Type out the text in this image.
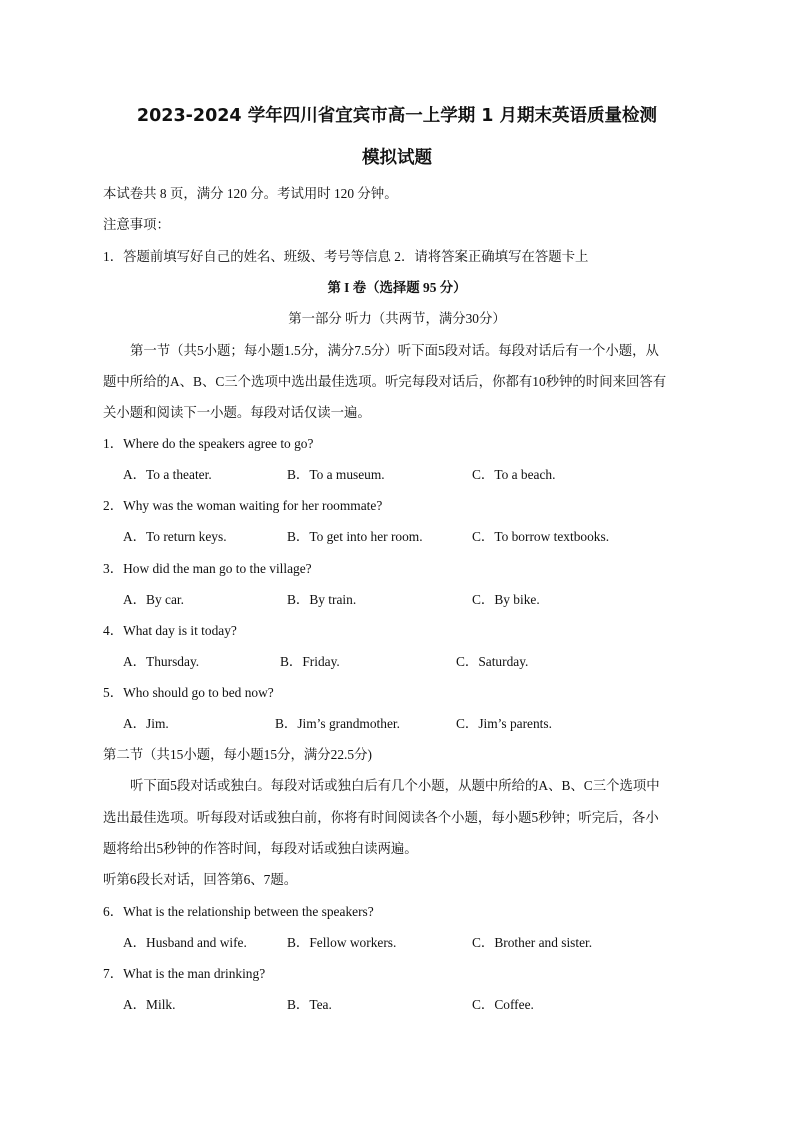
2023-2024 学年四川省宜宾市高一上学期 1 月期末英语质量检测
模拟试题
本试卷共 8 页，满分 120 分。考试用时 120 分钟。
注意事项：
1．答题前填写好自己的姓名、班级、考号等信息 2．请将答案正确填写在答题卡上
第 I 卷（选择题 95 分）
第一部分 听力（共两节，满分30分）
第一节（共5小题；每小题1.5分，满分7.5分）听下面5段对话。每段对话后有一个小题，从
题中所给的A、B、C三个选项中选出最佳选项。听完每段对话后，你都有10秒钟的时间来回答有
关小题和阅读下一小题。每段对话仅读一遍。
1．Where do the speakers agree to go?
A．To a theater.	B．To a museum.	C．To a beach.
2．Why was the woman waiting for her roommate?
A．To return keys.	B．To get into her room.	C．To borrow textbooks.
3．How did the man go to the village?
A．By car.	B．By train.	C．By bike.
4．What day is it today?
A．Thursday.	B．Friday.	C．Saturday.
5．Who should go to bed now?
A．Jim.	B．Jim’s grandmother.	C．Jim’s parents.
第二节（共15小题，每小题15分，满分22.5分)
听下面5段对话或独白。每段对话或独白后有几个小题，从题中所给的A、B、C三个选项中
选出最佳选项。听每段对话或独白前，你将有时间阅读各个小题，每小题5秒钟；听完后，各小
题将给出5秒钟的作答时间，每段对话或独白读两遍。
听第6段长对话，回答第6、7题。
6．What is the relationship between the speakers?
A．Husband and wife.	B．Fellow workers.	C．Brother and sister.
7．What is the man drinking?
A．Milk.	B．Tea.	C．Coffee.
